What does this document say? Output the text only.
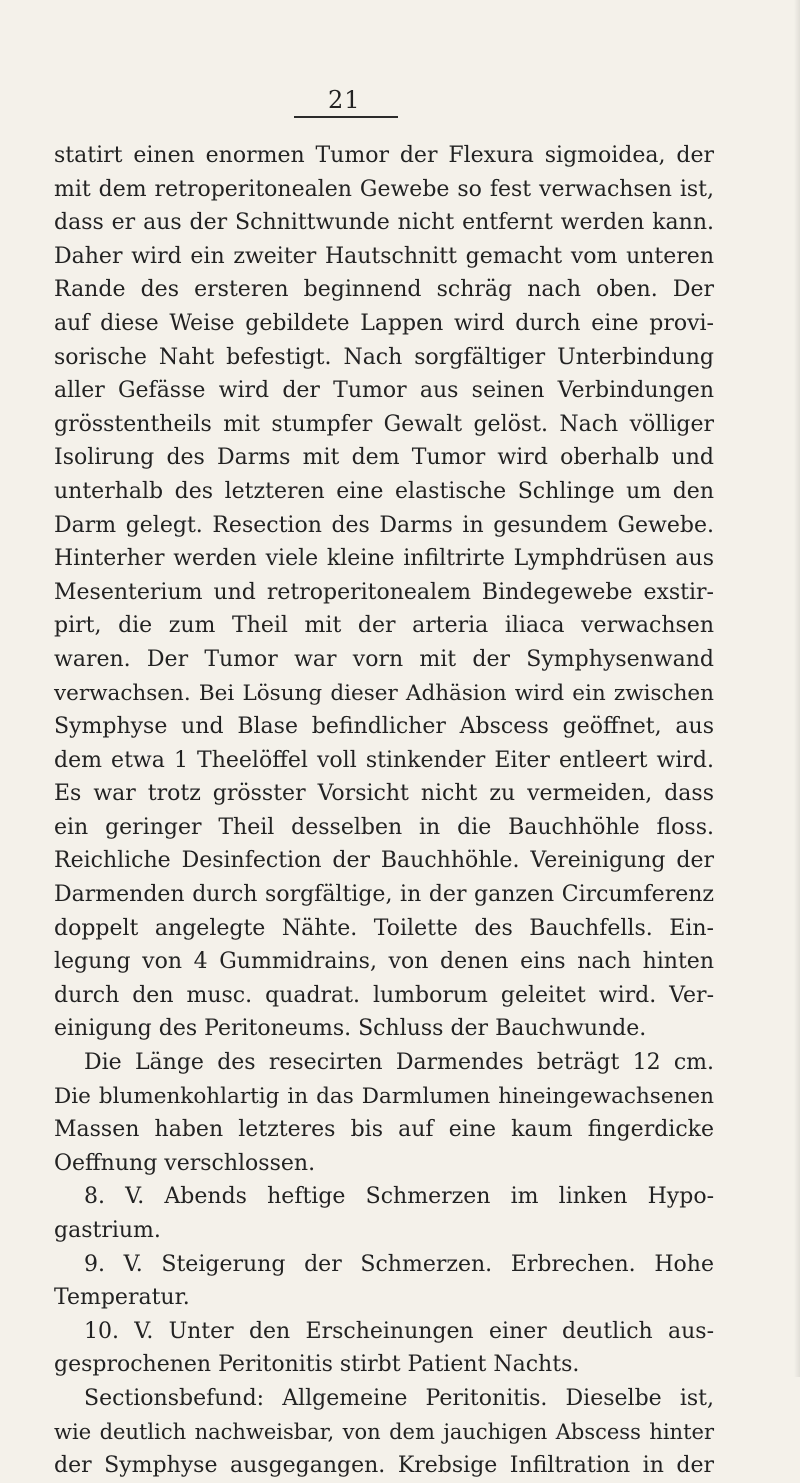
21
statirt einen enormen Tumor der Flexura sigmoidea, der
mit dem retroperitonealen Gewebe so fest verwachsen ist,
dass er aus der Schnittwunde nicht entfernt werden kann.
Daher wird ein zweiter Hautschnitt gemacht vom unteren
Rande des ersteren beginnend schräg nach oben. Der
auf diese Weise gebildete Lappen wird durch eine provi-
sorische Naht befestigt. Nach sorgfältiger Unterbindung
aller Gefässe wird der Tumor aus seinen Verbindungen
grösstentheils mit stumpfer Gewalt gelöst. Nach völliger
Isolirung des Darms mit dem Tumor wird oberhalb und
unterhalb des letzteren eine elastische Schlinge um den
Darm gelegt. Resection des Darms in gesundem Gewebe.
Hinterher werden viele kleine infiltrirte Lymphdrüsen aus
Mesenterium und retroperitonealem Bindegewebe exstir-
pirt, die zum Theil mit der arteria iliaca verwachsen
waren. Der Tumor war vorn mit der Symphysenwand
verwachsen. Bei Lösung dieser Adhäsion wird ein zwischen
Symphyse und Blase befindlicher Abscess geöffnet, aus
dem etwa 1 Theelöffel voll stinkender Eiter entleert wird.
Es war trotz grösster Vorsicht nicht zu vermeiden, dass
ein geringer Theil desselben in die Bauchhöhle floss.
Reichliche Desinfection der Bauchhöhle. Vereinigung der
Darmenden durch sorgfältige, in der ganzen Circumferenz
doppelt angelegte Nähte. Toilette des Bauchfells. Ein-
legung von 4 Gummidrains, von denen eins nach hinten
durch den musc. quadrat. lumborum geleitet wird. Ver-
einigung des Peritoneums. Schluss der Bauchwunde.
Die Länge des resecirten Darmendes beträgt 12 cm.
Die blumenkohlartig in das Darmlumen hineingewachsenen
Massen haben letzteres bis auf eine kaum fingerdicke
Oeffnung verschlossen.
8. V. Abends heftige Schmerzen im linken Hypo-
gastrium.
9. V. Steigerung der Schmerzen. Erbrechen. Hohe
Temperatur.
10. V. Unter den Erscheinungen einer deutlich aus-
gesprochenen Peritonitis stirbt Patient Nachts.
Sectionsbefund: Allgemeine Peritonitis. Dieselbe ist,
wie deutlich nachweisbar, von dem jauchigen Abscess hinter
der Symphyse ausgegangen. Krebsige Infiltration in der
